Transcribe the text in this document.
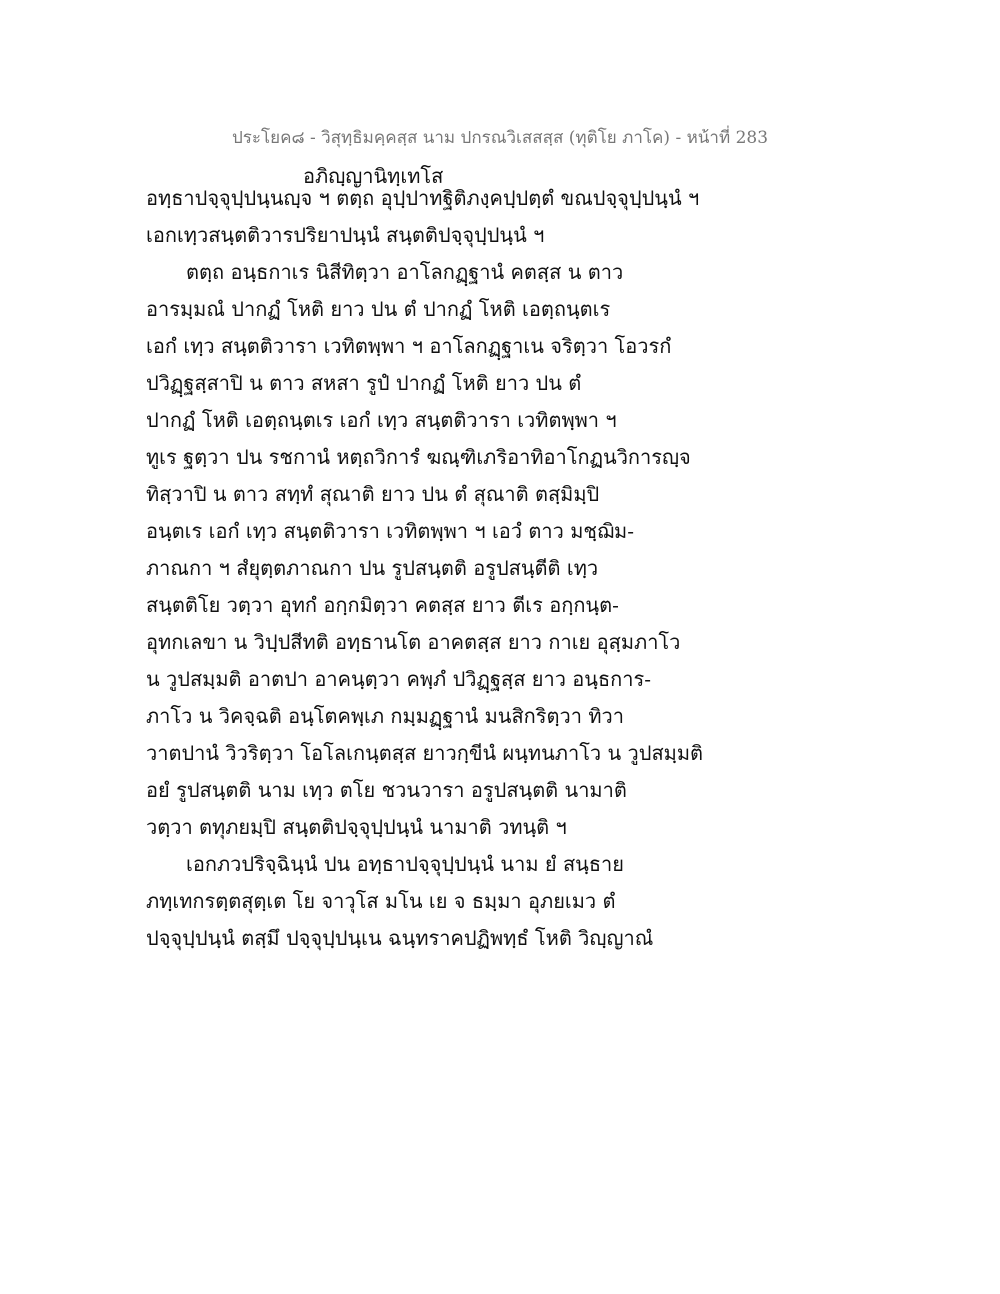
ประโยค๘ - วิสุทฺธิมคฺคสฺส นาม ปกรณวิเสสสฺส (ทุติโย ภาโค) - หน้าที่ 283
อภิญฺญานิทฺเทโส
อทฺธาปจฺจุปฺปนฺนญฺจ ฯ ตตฺถ อุปฺปาทฐิติภงฺคปฺปตฺตํ ขณปจฺจุปฺปนฺนํ ฯ
เอกเทฺวสนฺตติวารปริยาปนฺนํ สนฺตติปจฺจุปฺปนฺนํ ฯ
ตตฺถ อนฺธกาเร นิสีทิตฺวา อาโลกฏฺฐานํ คตสฺส น ตาว
อารมฺมณํ ปากฏํ โหติ ยาว ปน ตํ ปากฏํ โหติ เอตฺถนฺตเร
เอกํ เทฺว สนฺตติวารา เวทิตพฺพา ฯ อาโลกฏฺฐาเน จริตฺวา โอวรกํ
ปวิฏฺฐสฺสาปิ น ตาว สหสา รูปํ ปากฏํ โหติ ยาว ปน ตํ
ปากฏํ โหติ เอตฺถนฺตเร เอกํ เทฺว สนฺตติวารา เวทิตพฺพา ฯ
ทูเร ฐตฺวา ปน รชกานํ หตฺถวิการํ ฆณฺฑิเภริอาทิอาโกฏนวิการญฺจ
ทิสฺวาปิ น ตาว สทฺทํ สุณาติ ยาว ปน ตํ สุณาติ ตสฺมิมฺปิ
อนฺตเร เอกํ เทฺว สนฺตติวารา เวทิตพฺพา ฯ เอวํ ตาว มชฺฌิม-
ภาณกา ฯ สํยุตฺตภาณกา ปน รูปสนฺตติ อรูปสนฺตีติ เทฺว
สนฺตติโย วตฺวา อุทกํ อกฺกมิตฺวา คตสฺส ยาว ตีเร อกฺกนฺต-
อุทกเลขา น วิปฺปสีทติ อทฺธานโต อาคตสฺส ยาว กาเย อุสฺมภาโว
น วูปสมฺมติ อาตปา อาคนฺตฺวา คพฺภํ ปวิฏฺฐสฺส ยาว อนฺธการ-
ภาโว น วิคจฺฉติ อนฺโตคพฺเภ กมฺมฏฺฐานํ มนสิกริตฺวา ทิวา
วาตปานํ วิวริตฺวา โอโลเกนฺตสฺส ยาวกฺขีนํ ผนฺทนภาโว น วูปสมฺมติ
อยํ รูปสนฺตติ นาม เทฺว ตโย ชวนวารา อรูปสนฺตติ นามาติ
วตฺวา ตทุภยมฺปิ สนฺตติปจฺจุปฺปนฺนํ นามาติ วทนฺติ ฯ
เอกภวปริจฺฉินฺนํ ปน อทฺธาปจฺจุปฺปนฺนํ นาม ยํ สนฺธาย
ภทฺเทกรตฺตสุตฺเต โย จาวุโส มโน เย จ ธมฺมา อุภยเมว ตํ
ปจฺจุปฺปนฺนํ ตสฺมึ ปจฺจุปฺปนฺเน ฉนฺทราคปฏิพทฺธํ โหติ วิญฺญาณํ
